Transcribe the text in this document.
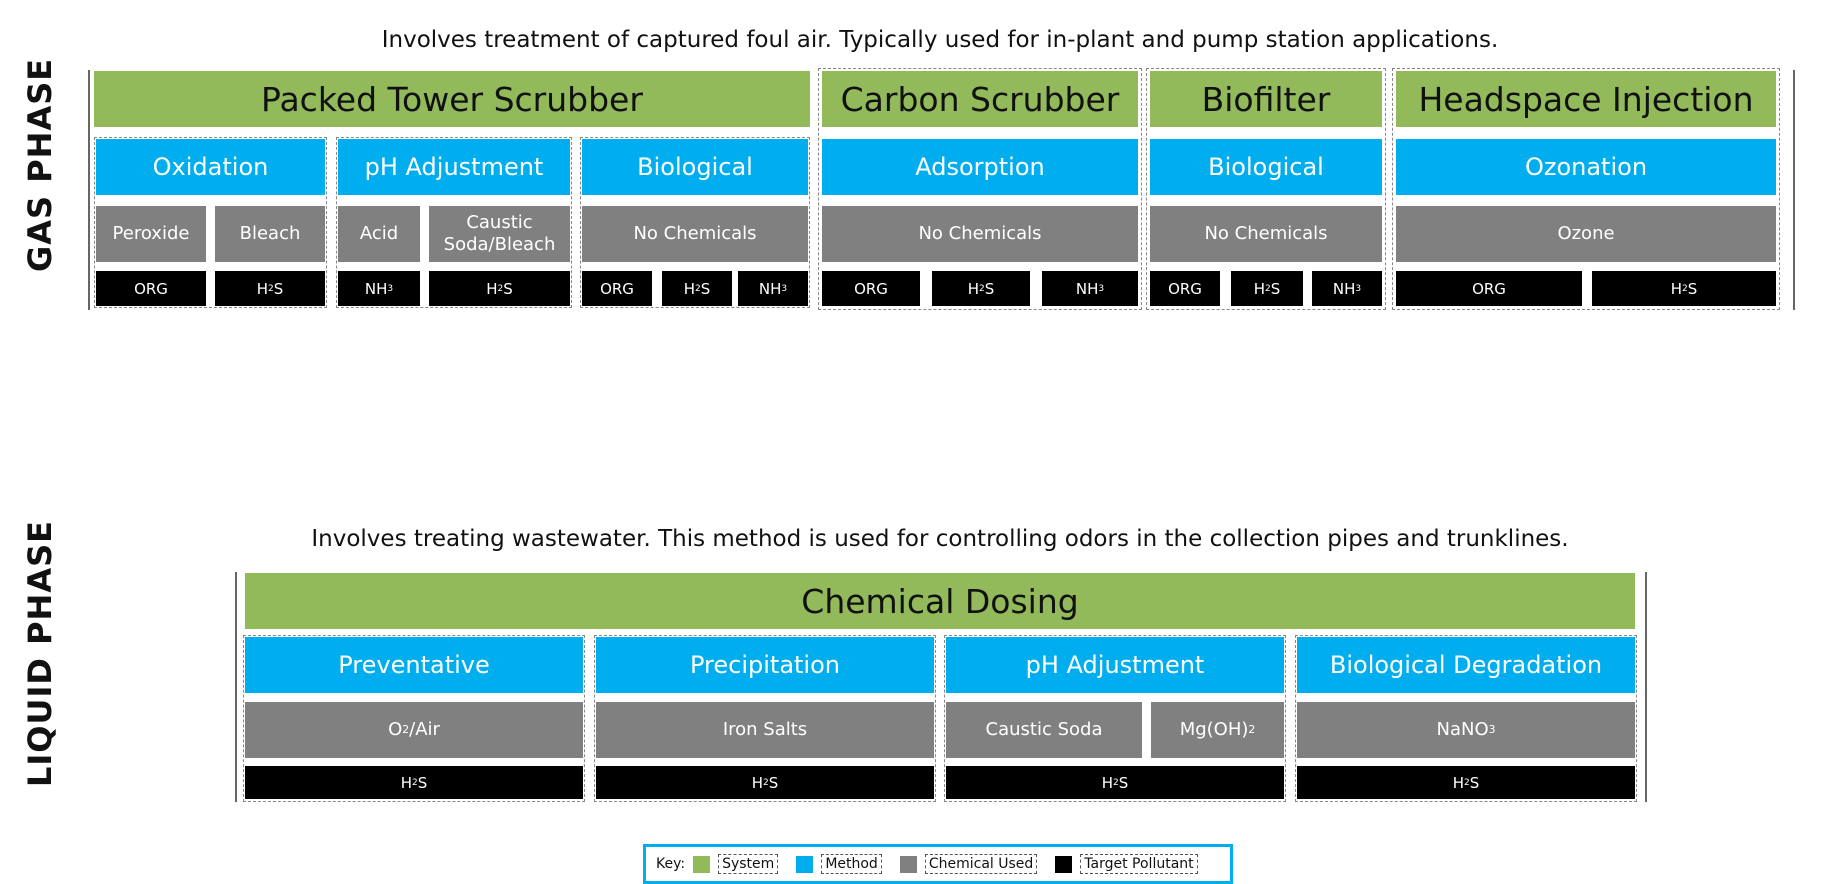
GAS PHASE
Involves treatment of captured foul air. Typically used for in-plant and pump station applications.
Packed Tower Scrubber
Oxidation
Peroxide	Bleach
ORG	H 2 S
pH Adjustment
Acid
Caustic Soda/Bleach
NH 3	H 2 S
Biological
No Chemicals
ORG	H 2 S	NH 3
Carbon Scrubber
Adsorption
No Chemicals
ORG	H 2 S	NH 3
Biofilter
Biological
No Chemicals
ORG	H 2 S	NH 3
Headspace Injection
Ozonation
Ozone
ORG	H 2 S
LIQUID PHASE	Involves treating wastewater. This method is used for controlling odors in the collection pipes and trunklines.
Chemical Dosing
Preventative
O 2 /Air
H 2 S
Precipitation
Iron Salts
H 2 S
pH Adjustment
Caustic Soda	Mg(OH) 2
H 2 S
Biological Degradation
NaNO 3
H 2 S
Key:	System	Method	Chemical Used	Target Pollutant
